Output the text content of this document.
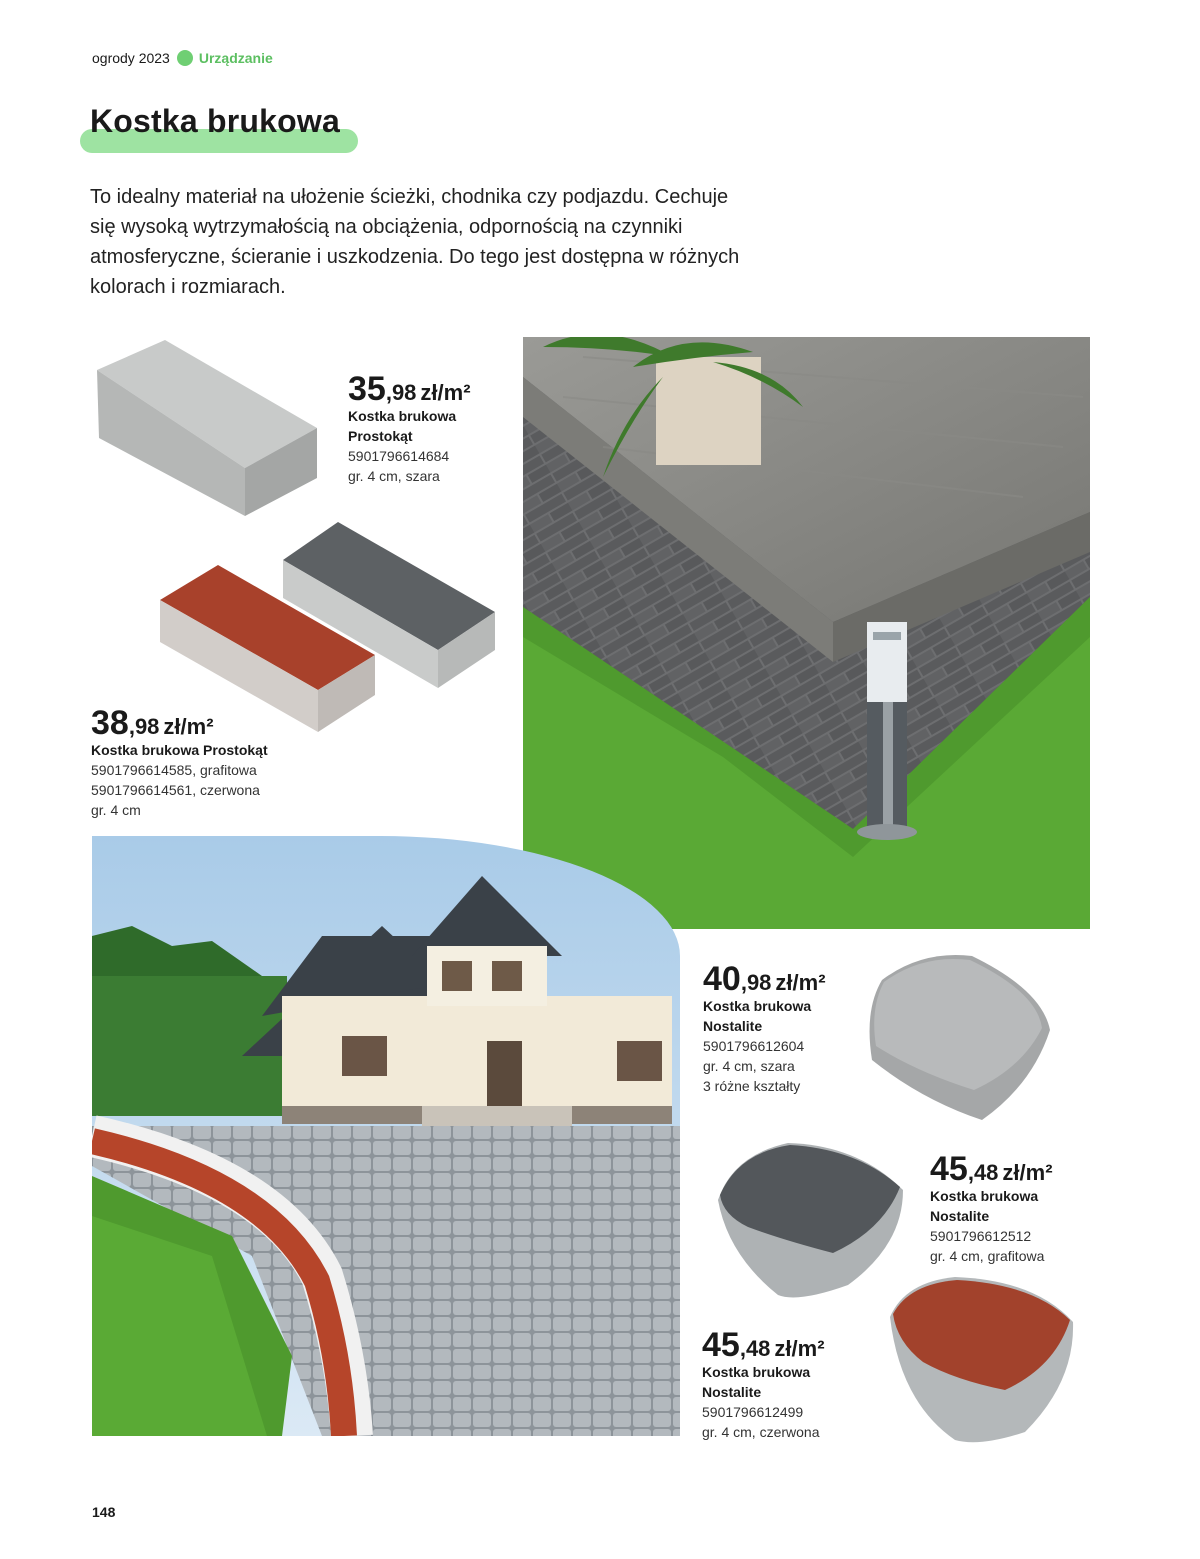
ogrody 2023 Urządzanie
Kostka brukowa

To idealny materiał na ułożenie ścieżki, chodnika czy podjazdu. Cechuje się wysoką wytrzymałością na obciążenia, odpornością na czynniki atmosferyczne, ścieranie i uszkodzenia. Do tego jest dostępna w różnych kolorach i rozmiarach.

35,98 zł/m²
Kostka brukowa Prostokąt
5901796614684
gr. 4 cm, szara
38,98 zł/m²
Kostka brukowa Prostokąt
5901796614585, grafitowa
5901796614561, czerwona
gr. 4 cm
40,98 zł/m²
Kostka brukowa Nostalite
5901796612604
gr. 4 cm, szara
3 różne kształty
45,48 zł/m²
Kostka brukowa Nostalite
5901796612512
gr. 4 cm, grafitowa
45,48 zł/m²
Kostka brukowa Nostalite
5901796612499
gr. 4 cm, czerwona
148
